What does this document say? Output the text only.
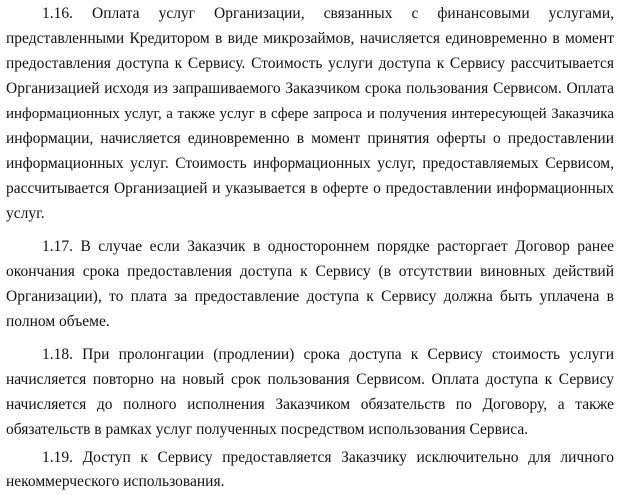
1.16. Оплата услуг Организации, связанных с финансовыми услугами,
представленными Кредитором в виде микрозаймов, начисляется единовременно в момент
предоставления доступа к Сервису. Стоимость услуги доступа к Сервису рассчитывается
Организацией исходя из запрашиваемого Заказчиком срока пользования Сервисом. Оплата
информационных услуг, а также услуг в сфере запроса и получения интересующей Заказчика
информации, начисляется единовременно в момент принятия оферты о предоставлении
информационных услуг. Стоимость информационных услуг, предоставляемых Сервисом,
рассчитывается Организацией и указывается в оферте о предоставлении информационных
услуг.
1.17. В случае если Заказчик в одностороннем порядке расторгает Договор ранее
окончания срока предоставления доступа к Сервису (в отсутствии виновных действий
Организации), то плата за предоставление доступа к Сервису должна быть уплачена в
полном объеме.
1.18. При пролонгации (продлении) срока доступа к Сервису стоимость услуги
начисляется повторно на новый срок пользования Сервисом. Оплата доступа к Сервису
начисляется до полного исполнения Заказчиком обязательств по Договору, а также
обязательств в рамках услуг полученных посредством использования Сервиса.
1.19. Доступ к Сервису предоставляется Заказчику исключительно для личного
некоммерческого использования.
